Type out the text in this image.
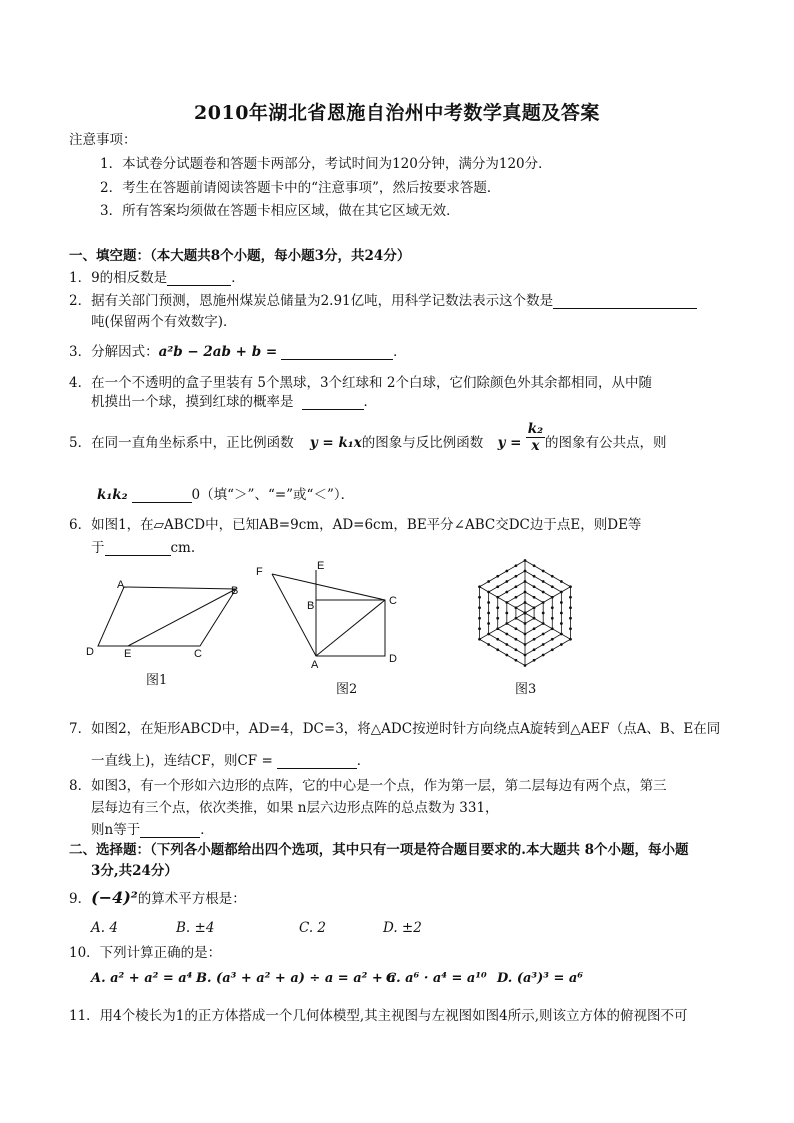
2010年湖北省恩施自治州中考数学真题及答案
注意事项：
1．本试卷分试题卷和答题卡两部分，考试时间为120分钟，满分为120分．
2．考生在答题前请阅读答题卡中的“注意事项”，然后按要求答题．
3．所有答案均须做在答题卡相应区域，做在其它区域无效．
一、填空题：（本大题共8个小题，每小题3分，共24分）
1．9的相反数是	．
2．据有关部门预测，恩施州煤炭总储量为2.91亿吨，用科学记数法表示这个数是
吨(保留两个有效数字)．
3．分解因式：a²b − 2ab + b =	．
4．在一个不透明的盒子里装有 5个黑球，3个红球和 2个白球，它们除颜色外其余都相同，从中随
机摸出一个球，摸到红球的概率是	．
5．在同一直角坐标系中，正比例函数 y = k₁x的图象与反比例函数 $y = \frac{\text{k₂}}{x}$ 的图象有公共点，则
k₁k₂	0（填“＞”、“=”或“＜”）．
6．如图1，在▱ABCD中，已知AB=9cm，AD=6cm，BE平分∠ABC交DC边于点E，则DE等
于	cm.
A	B
C
D	E
图1
F	E
B	C
A	D
图2	图3
7．如图2，在矩形ABCD中，AD=4，DC=3，将△ADC按逆时针方向绕点A旋转到△AEF（点A、B、E在同
一直线上)，连结CF，则CF =	．
8．如图3，有一个形如六边形的点阵，它的中心是一个点，作为第一层，第二层每边有两个点，第三
层每边有三个点，依次类推，如果 n层六边形点阵的总点数为 331，
则n等于	．
二、选择题：（下列各小题都给出四个选项，其中只有一项是符合题目要求的.本大题共 8个小题，每小题
3分,共24分）
9．(−4)²的算术平方根是：
A. 4	B. ±4	C. 2	D. ±2
10．下列计算正确的是：
A. a² + a² = a⁴ B. (a³ + a² + a) ÷ a = a² + a
C. a⁶ · a⁴ = a¹⁰ D. (a³)³ = a⁶
11．用4个棱长为1的正方体搭成一个几何体模型,其主视图与左视图如图4所示,则该立方体的俯视图不可
